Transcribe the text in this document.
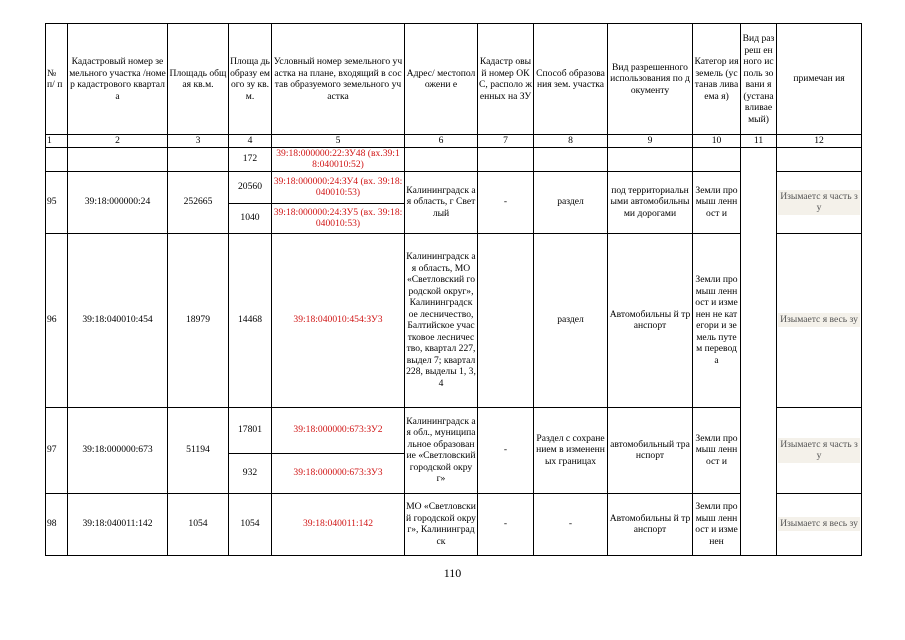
№ п/ п	Кадастровый номер земельного участка /номер кадастрового квартала	Площадь общая кв.м.	Площа дь образу емого зу кв.м.	Условный номер земельного участка на плане, входящий в состав образуемого земельного участка	Адрес/ местоположени е	Кадастр овый номер ОКС, располо женных на ЗУ	Способ образования зем. участка	Вид разрешенного использования по документу	Категор ия земель (устанав ливаема я)	Вид разреш енного исполь зовани я (устана вливае мый)	примечан ия
1	2	3	4	5	6	7	8	9	10	11	12
			172	39:18:000000:22:ЗУ48 (вх.39:18:040010:52)							
95	39:18:000000:24	252665	20560	39:18:000000:24:ЗУ4 (вх. 39:18:040010:53)	Калининградск ая область, г Светлый	-	раздел	под территориальн ыми автомобильны ми дорогами	Земли промыш ленност и		Изымаетс я часть зу
			1040	39:18:000000:24:ЗУ5 (вх. 39:18:040010:53)							
96	39:18:040010:454	18979	14468	39:18:040010:454:ЗУ3	Калининградск ая область, МО «Светловский городской округ», Калининградск ое лесничество, Балтийское участковое лесничество, квартал 227, выдел 7; квартал 228, выделы 1, 3, 4		раздел	Автомобильны й транспорт	Земли промыш ленност и изменен не категори и земель путем перевод а		Изымаетс я весь зу
97	39:18:000000:673	51194	17801	39:18:000000:673:ЗУ2	Калининградск ая обл., муниципальное образование «Светловский городской округ»	-	Раздел с сохранением в измененных границах	автомобильный транспорт	Земли промыш ленност и		Изымаетс я часть зу
			932	39:18:000000:673:ЗУ3							
98	39:18:040011:142	1054	1054	39:18:040011:142	МО «Светловский городской округ», Калининградск	-	-	Автомобильны й транспорт	Земли промыш ленност и изменен		Изымаетс я весь зу
110
